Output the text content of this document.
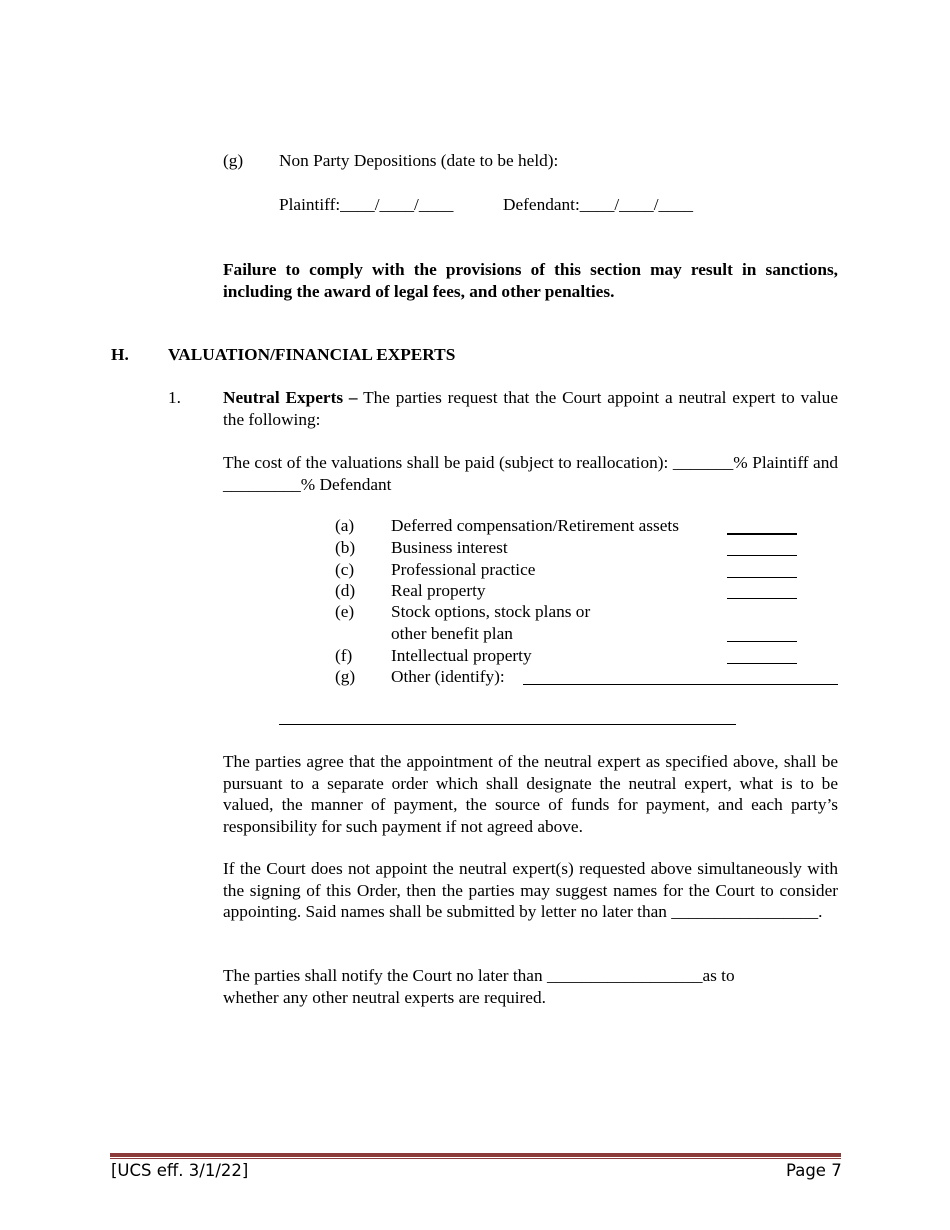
(g) Non Party Depositions (date to be held):
Plaintiff:____/____/____	Defendant:____/____/____
Failure to comply with the provisions of this section may result in sanctions, including the award of legal fees, and other penalties.
H. VALUATION/FINANCIAL EXPERTS
1. Neutral Experts – The parties request that the Court appoint a neutral expert to value the following:
The cost of the valuations shall be paid (subject to reallocation): _______% Plaintiff and _________% Defendant
(a) Deferred compensation/Retirement assets
(b) Business interest
(c) Professional practice
(d) Real property
(e) Stock options, stock plans or
other benefit plan
(f) Intellectual property
(g) Other (identify):
The parties agree that the appointment of the neutral expert as specified above, shall be pursuant to a separate order which shall designate the neutral expert, what is to be valued, the manner of payment, the source of funds for payment, and each party’s responsibility for such payment if not agreed above.
If the Court does not appoint the neutral expert(s) requested above simultaneously with the signing of this Order, then the parties may suggest names for the Court to consider appointing. Said names shall be submitted by letter no later than _________________.
The parties shall notify the Court no later than __________________as to
whether any other neutral experts are required.
[UCS eff. 3/1/22]	Page 7
